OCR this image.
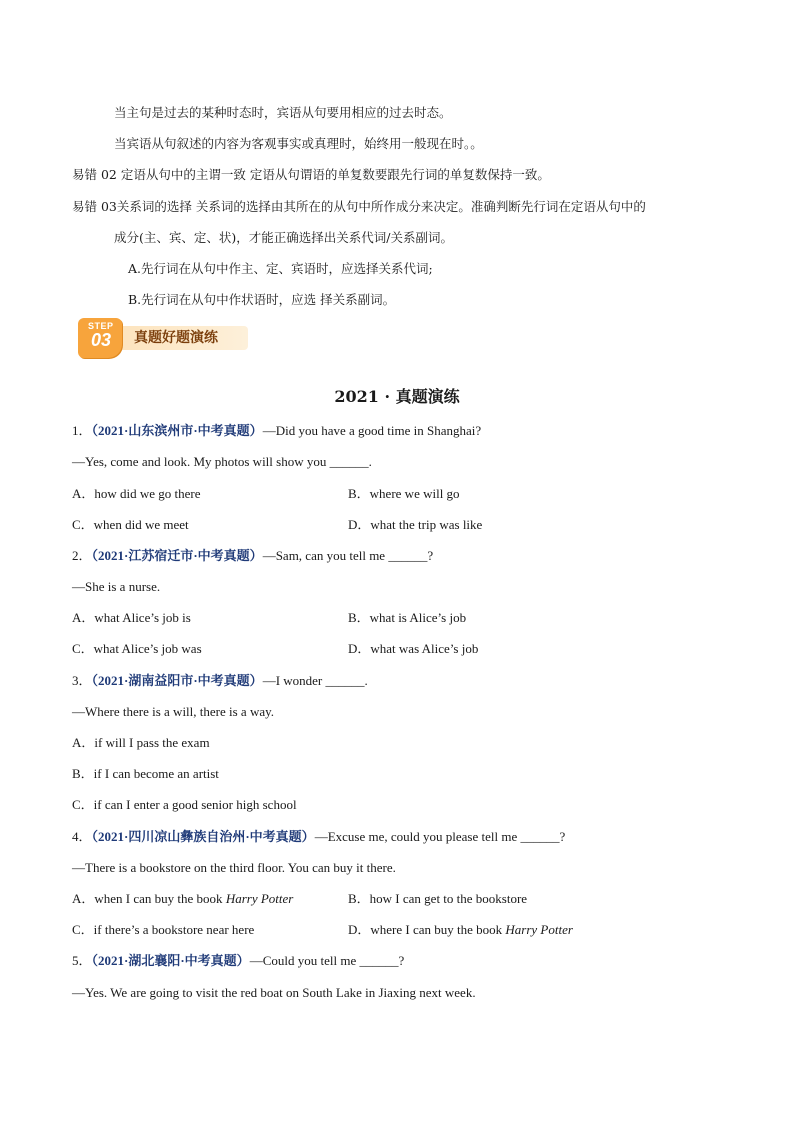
当主句是过去的某种时态时，宾语从句要用相应的过去时态。
当宾语从句叙述的内容为客观事实或真理时，始终用一般现在时。。
易错 02 定语从句中的主谓一致 定语从句谓语的单复数要跟先行词的单复数保持一致。
易错 03关系词的选择 关系词的选择由其所在的从句中所作成分来决定。准确判断先行词在定语从句中的
成分(主、宾、定、状)，才能正确选择出关系代词/关系副词。
A.先行词在从句中作主、定、宾语时，应选择关系代词;
B.先行词在从句中作状语时，应选 择关系副词。
STEP
03 真题好题演练
2021 · 真题演练
1．（2021·山东滨州市·中考真题）—Did you have a good time in Shanghai?
—Yes, come and look. My photos will show you ______.
A．how did we go there	B．where we will go
C．when did we meet	D．what the trip was like
2．（2021·江苏宿迁市·中考真题）—Sam, can you tell me ______?
—She is a nurse.
A．what Alice’s job is	B．what is Alice’s job
C．what Alice’s job was	D．what was Alice’s job
3．（2021·湖南益阳市·中考真题）—I wonder ______.
—Where there is a will, there is a way.
A．if will I pass the exam
B．if I can become an artist
C．if can I enter a good senior high school
4．（2021·四川凉山彝族自治州·中考真题）—Excuse me, could you please tell me ______?
—There is a bookstore on the third floor. You can buy it there.
A．when I can buy the book Harry Potter	B．how I can get to the bookstore
C．if there’s a bookstore near here	D．where I can buy the book Harry Potter
5．（2021·湖北襄阳·中考真题）—Could you tell me ______?
—Yes. We are going to visit the red boat on South Lake in Jiaxing next week.
